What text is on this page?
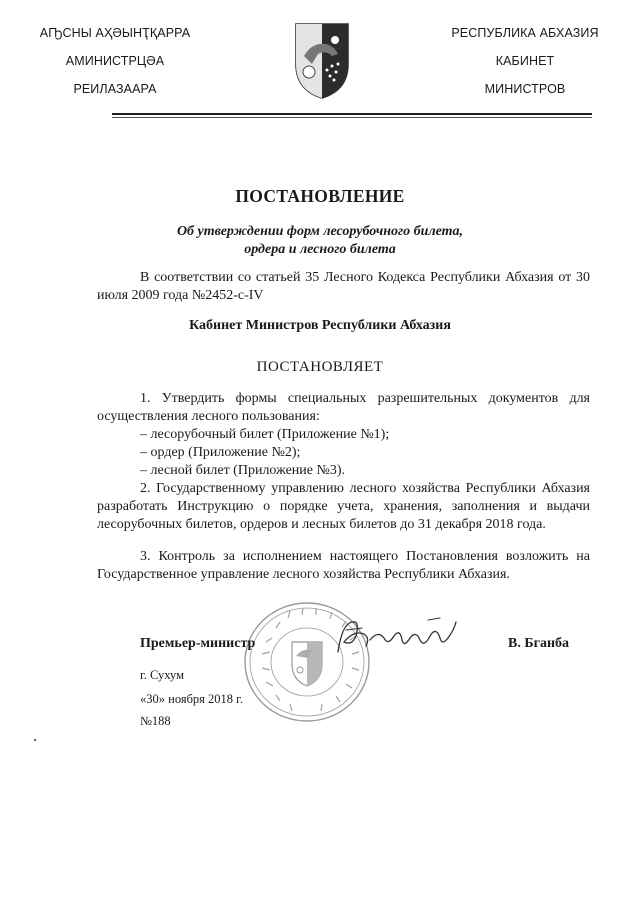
АҦСНЫ АҲӘЫНҬҚАРРА
АМИНИСТРЦӘА
РЕИЛАЗААРА
РЕСПУБЛИКА АБХАЗИЯ
КАБИНЕТ
МИНИСТРОВ
ПОСТАНОВЛЕНИЕ
Об утверждении форм лесорубочного билета,
ордера и лесного билета
В соответствии со статьей 35 Лесного Кодекса Республики Абхазия от 30 июля 2009 года №2452-с-IV
Кабинет Министров Республики Абхазия
ПОСТАНОВЛЯЕТ
1. Утвердить формы специальных разрешительных документов для осуществления лесного пользования:
– лесорубочный билет (Приложение №1);
– ордер (Приложение №2);
– лесной билет (Приложение №3).
2. Государственному управлению лесного хозяйства Республики Абхазия разработать Инструкцию о порядке учета, хранения, заполнения и выдачи лесорубочных билетов, ордеров и лесных билетов до 31 декабря 2018 года.
3. Контроль за исполнением настоящего Постановления возложить на Государственное управление лесного хозяйства Республики Абхазия.
Премьер-министр	В. Бганба
г. Сухум
«30» ноября 2018 г.
№188
